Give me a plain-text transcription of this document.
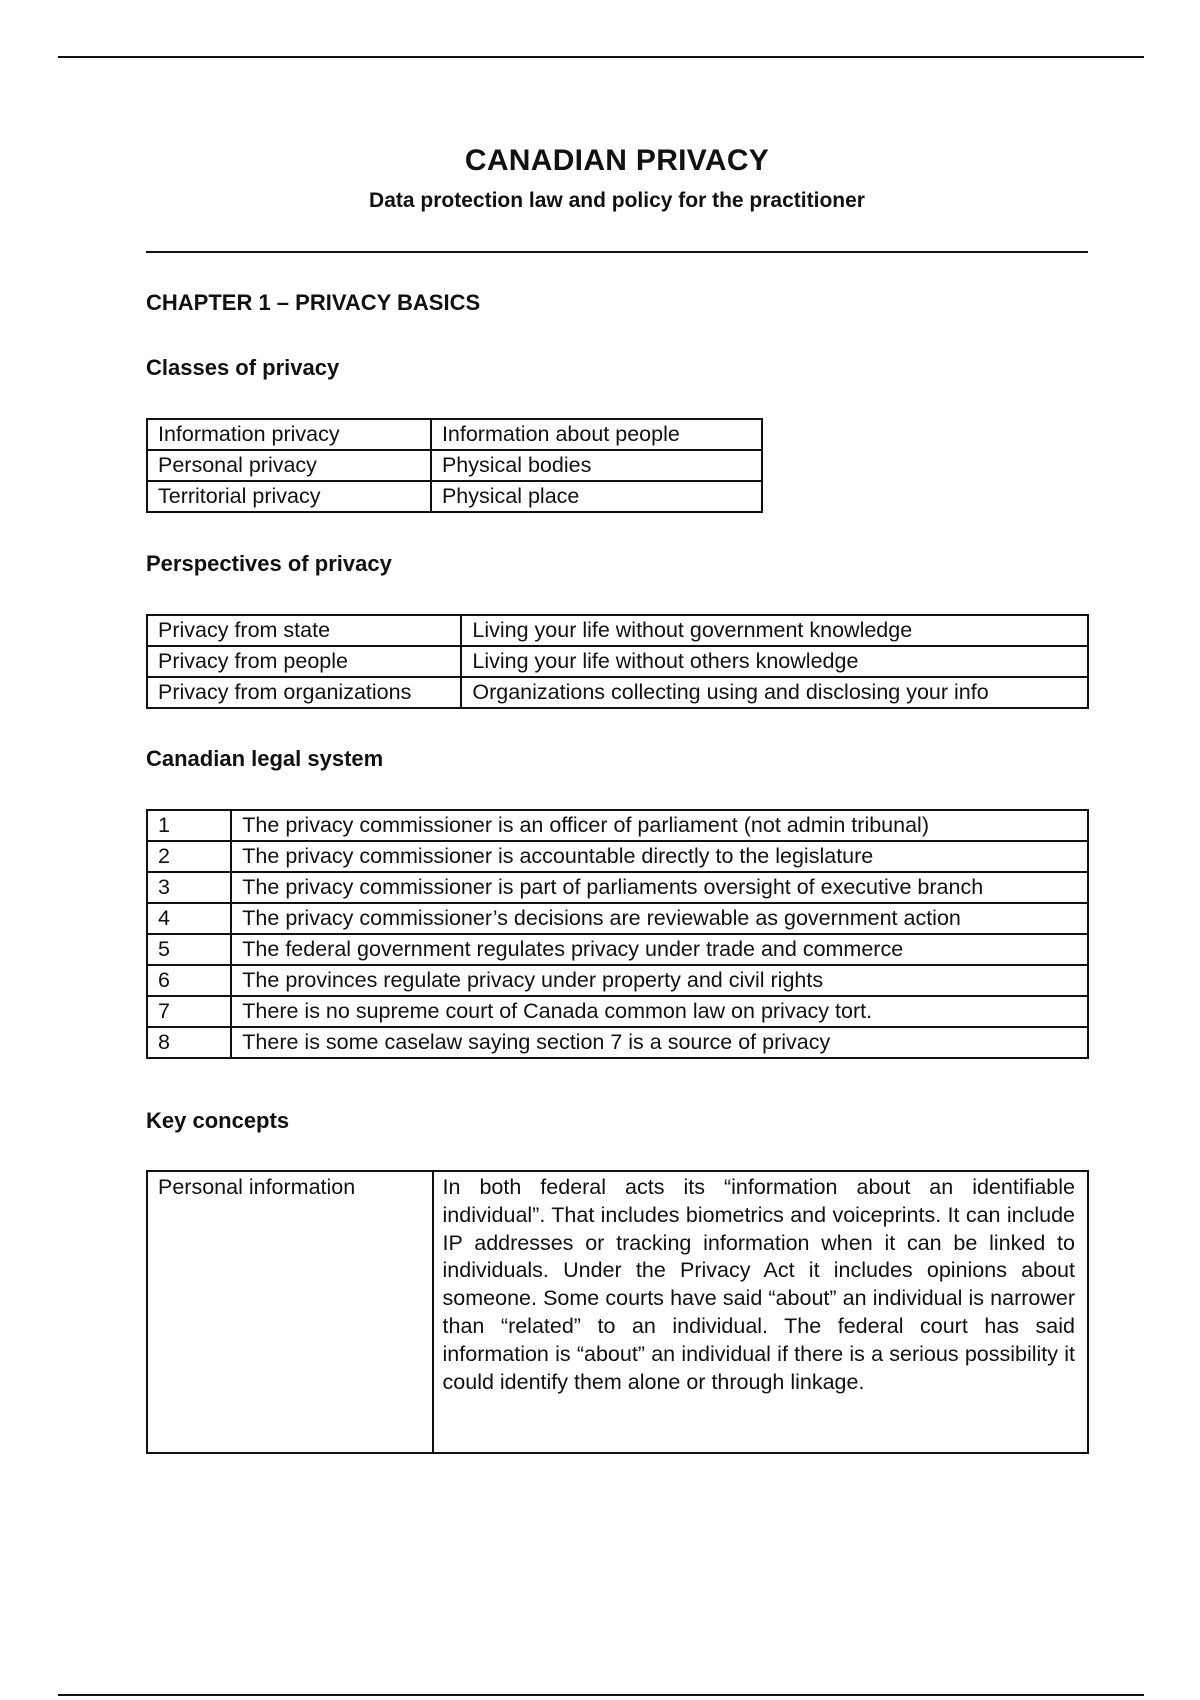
CANADIAN PRIVACY
Data protection law and policy for the practitioner
CHAPTER 1 – PRIVACY BASICS
Classes of privacy
Information privacy	Information about people
Personal privacy	Physical bodies
Territorial privacy	Physical place
Perspectives of privacy
Privacy from state	Living your life without government knowledge
Privacy from people	Living your life without others knowledge
Privacy from organizations	Organizations collecting using and disclosing your info
Canadian legal system
1	The privacy commissioner is an officer of parliament (not admin tribunal)
2	The privacy commissioner is accountable directly to the legislature
3	The privacy commissioner is part of parliaments oversight of executive branch
4	The privacy commissioner’s decisions are reviewable as government action
5	The federal government regulates privacy under trade and commerce
6	The provinces regulate privacy under property and civil rights
7	There is no supreme court of Canada common law on privacy tort.
8	There is some caselaw saying section 7 is a source of privacy
Key concepts
Personal information	In both federal acts its “information about an identifiable individual”. That includes biometrics and voiceprints. It can include IP addresses or tracking information when it can be linked to individuals. Under the Privacy Act it includes opinions about someone. Some courts have said “about” an individual is narrower than “related” to an individual. The federal court has said information is “about” an individual if there is a serious possibility it could identify them alone or through linkage.
